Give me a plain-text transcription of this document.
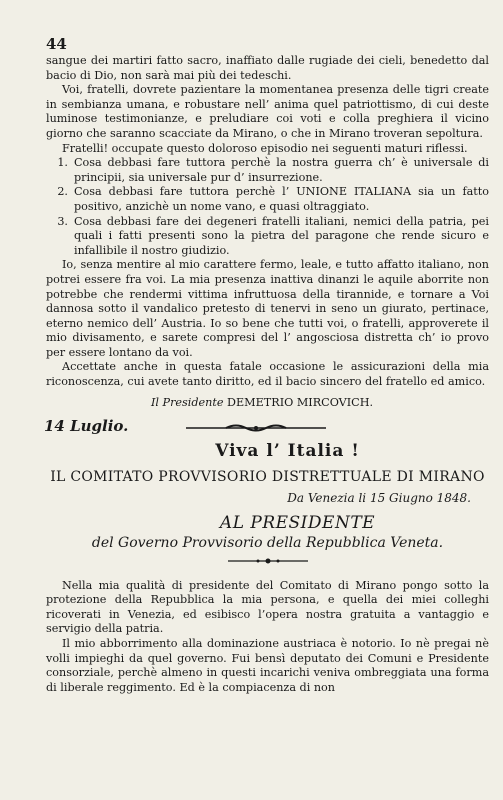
44

sangue dei martiri fatto sacro, inaffiato dalle rugiade dei cieli, benedetto dal bacio di Dio, non sarà mai più dei tedeschi.

Voi, fratelli, dovrete pazientare la momentanea presenza delle tigri create in sembianza umana, e robustare nell’ anima quel patriottismo, di cui deste luminose testimonianze, e preludiare coi voti e colla preghiera il vicino giorno che saranno scacciate da Mirano, o che in Mirano troveran sepoltura.

Fratelli! occupate questo doloroso episodio nei seguenti maturi riflessi.

1. Cosa debbasi fare tuttora perchè la nostra guerra ch’ è universale di principii, sia universale pur d’ insurrezione.
2. Cosa debbasi fare tuttora perchè l’ UNIONE ITALIANA sia un fatto positivo, anzichè un nome vano, e quasi oltraggiato.
3. Cosa debbasi fare dei degeneri fratelli italiani, nemici della patria, pei quali i fatti presenti sono la pietra del paragone che rende sicuro e infallibile il nostro giudizio.

Io, senza mentire al mio carattere fermo, leale, e tutto affatto italiano, non potrei essere fra voi. La mia presenza inattiva dinanzi le aquile aborrite non potrebbe che rendermi vittima infruttuosa della tirannide, e tornare a Voi dannosa sotto il vandalico pretesto di tenervi in seno un giurato, pertinace, eterno nemico dell’ Austria. Io so bene che tutti voi, o fratelli, approverete il mio divisamento, e sarete compresi del l’ angosciosa distretta ch’ io provo per essere lontano da voi.

Accettate anche in questa fatale occasione le assicurazioni della mia riconoscenza, cui avete tanto diritto, ed il bacio sincero del fratello ed amico.

Il Presidente DEMETRIO MIRCOVICH.
14 Luglio.
Viva l’ Italia !
IL COMITATO PROVVISORIO DISTRETTUALE DI MIRANO
Da Venezia li 15 Giugno 1848.
AL PRESIDENTE
del Governo Provvisorio della Repubblica Veneta.

Nella mia qualità di presidente del Comitato di Mirano pongo sotto la protezione della Repubblica la mia persona, e quella dei miei colleghi ricoverati in Venezia, ed esibisco l’opera nostra gratuita a vantaggio e servigio della patria.

Il mio abborrimento alla dominazione austriaca è notorio. Io nè pregai nè volli impieghi da quel governo. Fui bensì deputato dei Comuni e Presidente consorziale, perchè almeno in questi incarichi veniva ombreggiata una forma di liberale reggimento. Ed è la compiacenza di non
